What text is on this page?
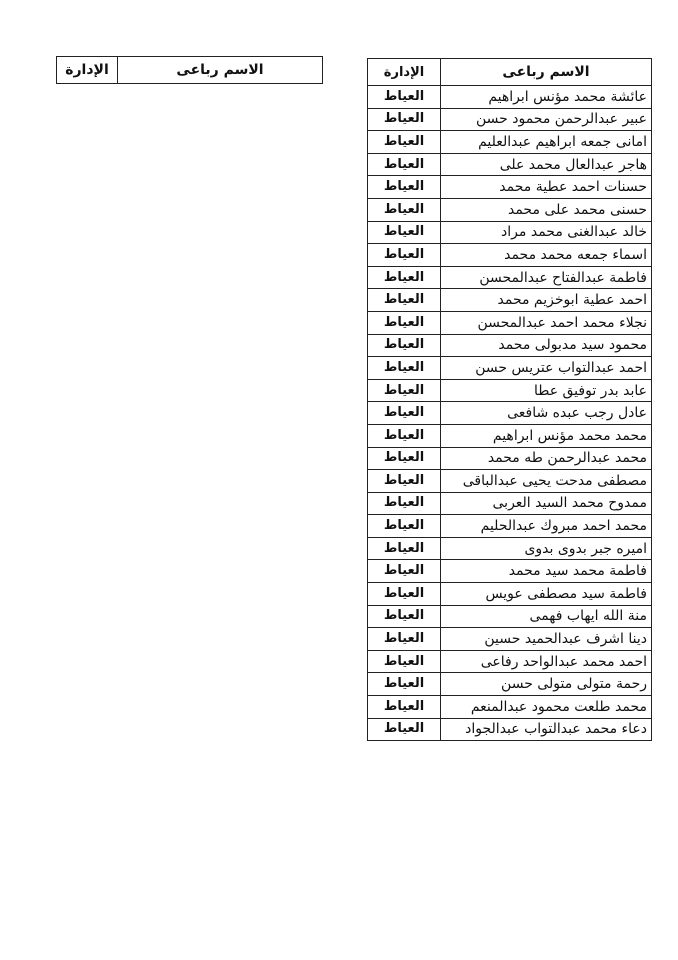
الاسم رباعى	الإدارة	الاسم رباعى	الإدارة
عائشة محمد مؤنس ابراهيم	العياط
عبير عبدالرحمن محمود حسن	العياط
امانى جمعه ابراهيم عبدالعليم	العياط
هاجر عبدالعال محمد على	العياط
حسنات احمد عطية محمد	العياط
حسنى محمد على محمد	العياط
خالد عبدالغنى محمد مراد	العياط
اسماء جمعه محمد محمد	العياط
فاطمة عبدالفتاح عبدالمحسن	العياط
احمد عطية ابوخزيم محمد	العياط
نجلاء محمد احمد عبدالمحسن	العياط
محمود سيد مدبولى محمد	العياط
احمد عبدالتواب عتريس حسن	العياط
عابد بدر توفيق عطا	العياط
عادل رجب عبده شافعى	العياط
محمد محمد مؤنس ابراهيم	العياط
محمد عبدالرحمن طه محمد	العياط
مصطفى مدحت يحيى عبدالباقى	العياط
ممدوح محمد السيد العربى	العياط
محمد احمد مبروك عبدالحليم	العياط
اميره جبر بدوى بدوى	العياط
فاطمة محمد سيد محمد	العياط
فاطمة سيد مصطفى عويس	العياط
منة الله ايهاب فهمى	العياط
دينا اشرف عبدالحميد حسين	العياط
احمد محمد عبدالواحد رفاعى	العياط
رحمة متولى متولى حسن	العياط
محمد طلعت محمود عبدالمنعم	العياط
دعاء محمد عبدالتواب عبدالجواد	العياط
